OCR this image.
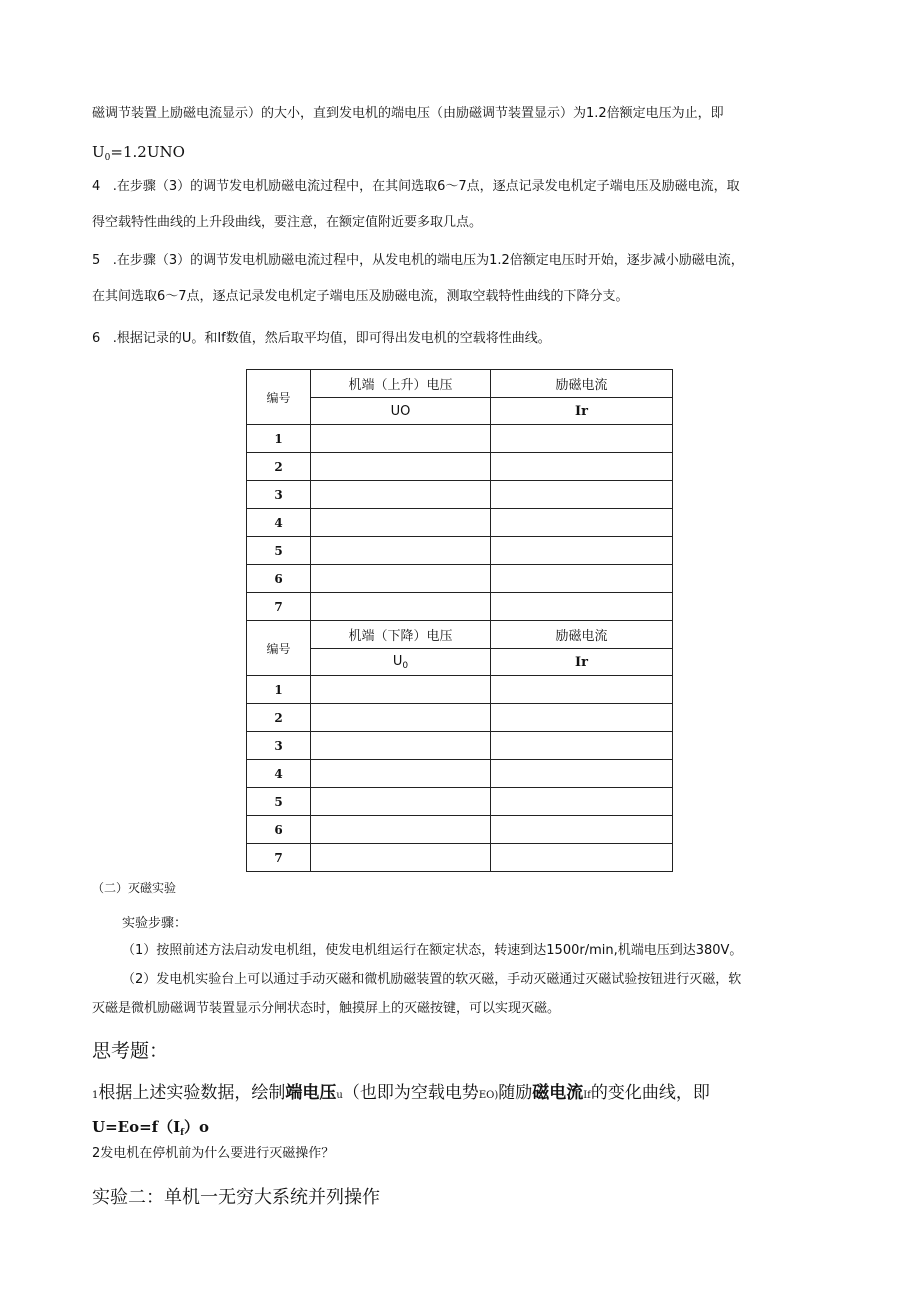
磁调节装置上励磁电流显示）的大小，直到发电机的端电压（由励磁调节装置显示）为1.2倍额定电压为止，即
$U_0=1.2UNO$
4 .在步骤（3）的调节发电机励磁电流过程中，在其间选取6～7点，逐点记录发电机定子端电压及励磁电流，取
得空载特性曲线的上升段曲线，要注意，在额定值附近要多取几点。
5 .在步骤（3）的调节发电机励磁电流过程中，从发电机的端电压为1.2倍额定电压时开始，逐步减小励磁电流，
在其间选取6～7点，逐点记录发电机定子端电压及励磁电流，测取空载特性曲线的下降分支。
6 .根据记录的U。和If数值，然后取平均值，即可得出发电机的空载将性曲线。
编号	机端（上升）电压	励磁电流
	UO	Ir
1		
2		
3		
4		
5		
6		
7		
编号	机端（下降）电压	励磁电流
	$U_0$	Ir
1		
2		
3		
4		
5		
6		
7		
（二）灭磁实验
实验步骤：
（1）按照前述方法启动发电机组，使发电机组运行在额定状态，转速到达1500r/min,机端电压到达380V。
（2）发电机实验台上可以通过手动灭磁和微机励磁装置的软灭磁，手动灭磁通过灭磁试验按钮进行灭磁，软
灭磁是微机励磁调节装置显示分闸状态时，触摸屏上的灭磁按键，可以实现灭磁。
思考题：
1根据上述实验数据，绘制端电压u（也即为空载电势EO)随励磁电流If的变化曲线，即
$U=Eo=f(I_f)o$
2发电机在停机前为什么要进行灭磁操作？
实验二：单机一无穷大系统并列操作
